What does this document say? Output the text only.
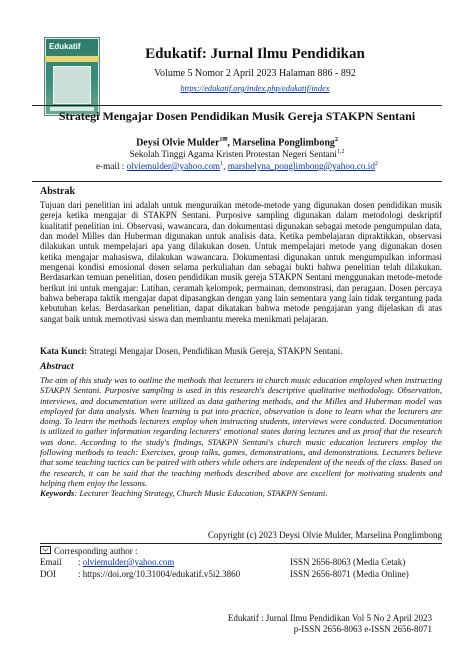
Edukatif	Edukatif: Jurnal Ilmu Pendidikan
Volume 5 Nomor 2 April 2023 Halaman 886 - 892
https://edukatif.org/index.php/edukatif/index
Strategi Mengajar Dosen Pendidikan Musik Gereja STAKPN Sentani
Deysi Olvie Mulder$^{1✉}$, Marselina Ponglimbong$^2$
Sekolah Tinggi Agama Kristen Protestan Negeri Sentani$^{1,2}$
e-mail : olviemulder@yahoo.com$^1$, $marshelyna\_ponglimbong@yahoo.co.id^2$
Abstrak
Tujuan dari penelitian ini adalah untuk menguraikan metode-metode yang digunakan dosen pendidikan musik gereja ketika mengajar di STAKPN Sentani. Purposive sampling digunakan dalam metodologi deskriptif kualitatif penelitian ini. Observasi, wawancara, dan dokumentasi digunakan sebagai metode pengumpulan data, dan model Milles dan Huberman digunakan untuk analisis data. Ketika pembelajaran dipraktikkan, observasi dilakukan untuk mempelajari apa yang dilakukan dosen. Untuk mempelajari metode yang digunakan dosen ketika mengajar mahasiswa, dilakukan wawancara. Dokumentasi digunakan untuk mengumpulkan informasi mengenai kondisi emosional dosen selama perkuliahan dan sebagai bukti bahwa penelitian telah dilakukan. Berdasarkan temuan penelitian, dosen pendidikan musik gereja STAKPN Sentani menggunakan metode-metode berikut ini untuk mengajar: Latihan, ceramah kelompok, permainan, demonstrasi, dan peragaan. Dosen percaya bahwa beberapa taktik mengajar dapat dipasangkan dengan yang lain sementara yang lain tidak tergantung pada kebutuhan kelas. Berdasarkan penelitian, dapat dikatakan bahwa metode pengajaran yang dijelaskan di atas sangat baik untuk memotivasi siswa dan membantu mereka menikmati pelajaran.
Kata Kunci: Strategi Mengajar Dosen, Pendidikan Musik Gereja, STAKPN Sentani.
Abstract
The aim of this study was to outline the methods that lecturers in church music education employed when instructing STAKPN Sentani. Purposive sampling is used in this research's descriptive qualitative methodology. Observation, interviews, and documentation were utilized as data gathering methods, and the Milles and Huberman model was employed for data analysis. When learning is put into practice, observation is done to learn what the lecturers are doing. To learn the methods lecturers employ when instructing students, interviews were conducted. Documentation is utilized to gather information regarding lecturers' emotional states during lectures and as proof that the research was done. According to the study's findings, STAKPN Sentani's church music education lecturers employ the following methods to teach: Exercises, group talks, games, demonstrations, and demonstrations. Lecturers believe that some teaching tactics can be paired with others while others are independent of the needs of the class. Based on the research, it can be said that the teaching methods described above are excellent for motivating students and helping them enjoy the lessons.
Keywords: Lecturer Teaching Strategy, Church Music Education, STAKPN Sentani.
Copyright (c) 2023 Deysi Olvie Mulder, Marselina Ponglimbong
Corresponding author :
Email : olviemulder@yahoo.com
DOI : https://doi.org/10.31004/edukatif.v5i2.3860
ISSN 2656-8063 (Media Cetak)
ISSN 2656-8071 (Media Online)
Edukatif : Jurnal Ilmu Pendidikan Vol 5 No 2 April 2023
p-ISSN 2656-8063 e-ISSN 2656-8071
